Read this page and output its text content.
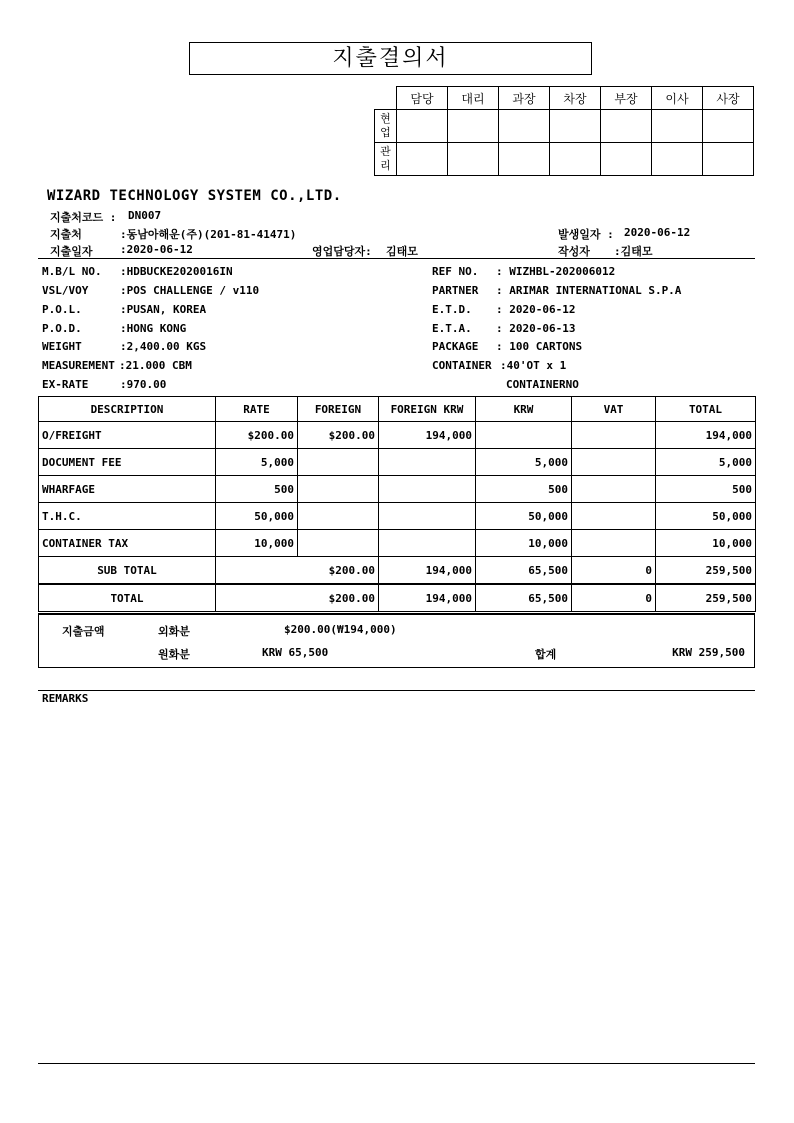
지출결의서
	담당	대리	과장	차장	부장	이사	사장

현
업							

관
리							

WIZARD TECHNOLOGY SYSTEM CO.,LTD.
지출처코드 : DN007
지출처	:동남아해운(주)(201-81-41471)	발생일자 : 2020-06-12
지출일자 :2020-06-12	영업담당자: 김태모	작성자 :김태모
M.B/L NO. :HDBUCKE2020016IN
VSL/VOY	:POS CHALLENGE / v110
P.O.L.	:PUSAN, KOREA
P.O.D.	:HONG KONG
WEIGHT	:2,400.00 KGS
MEASUREMENT :21.000 CBM
EX-RATE	:970.00
REF NO. : WIZHBL-202006012
PARTNER : ARIMAR INTERNATIONAL S.P.A
E.T.D. : 2020-06-12
E.T.A. : 2020-06-13
PACKAGE : 100 CARTONS
CONTAINER :40'OT x 1
CONTAINERNO
DESCRIPTION	RATE	FOREIGN	FOREIGN KRW	KRW	VAT	TOTAL
O/FREIGHT	$200.00	$200.00	194,000			194,000
DOCUMENT FEE	5,000			5,000		5,000
WHARFAGE	500			500		500
T.H.C.	50,000			50,000		50,000
CONTAINER TAX	10,000			10,000		10,000
SUB TOTAL	$200.00		194,000	65,500	0	259,500
TOTAL	$200.00		194,000	65,500	0	259,500
지출금액	외화분	$200.00(₩194,000)
원화분	KRW 65,500	합계	KRW 259,500
REMARKS
